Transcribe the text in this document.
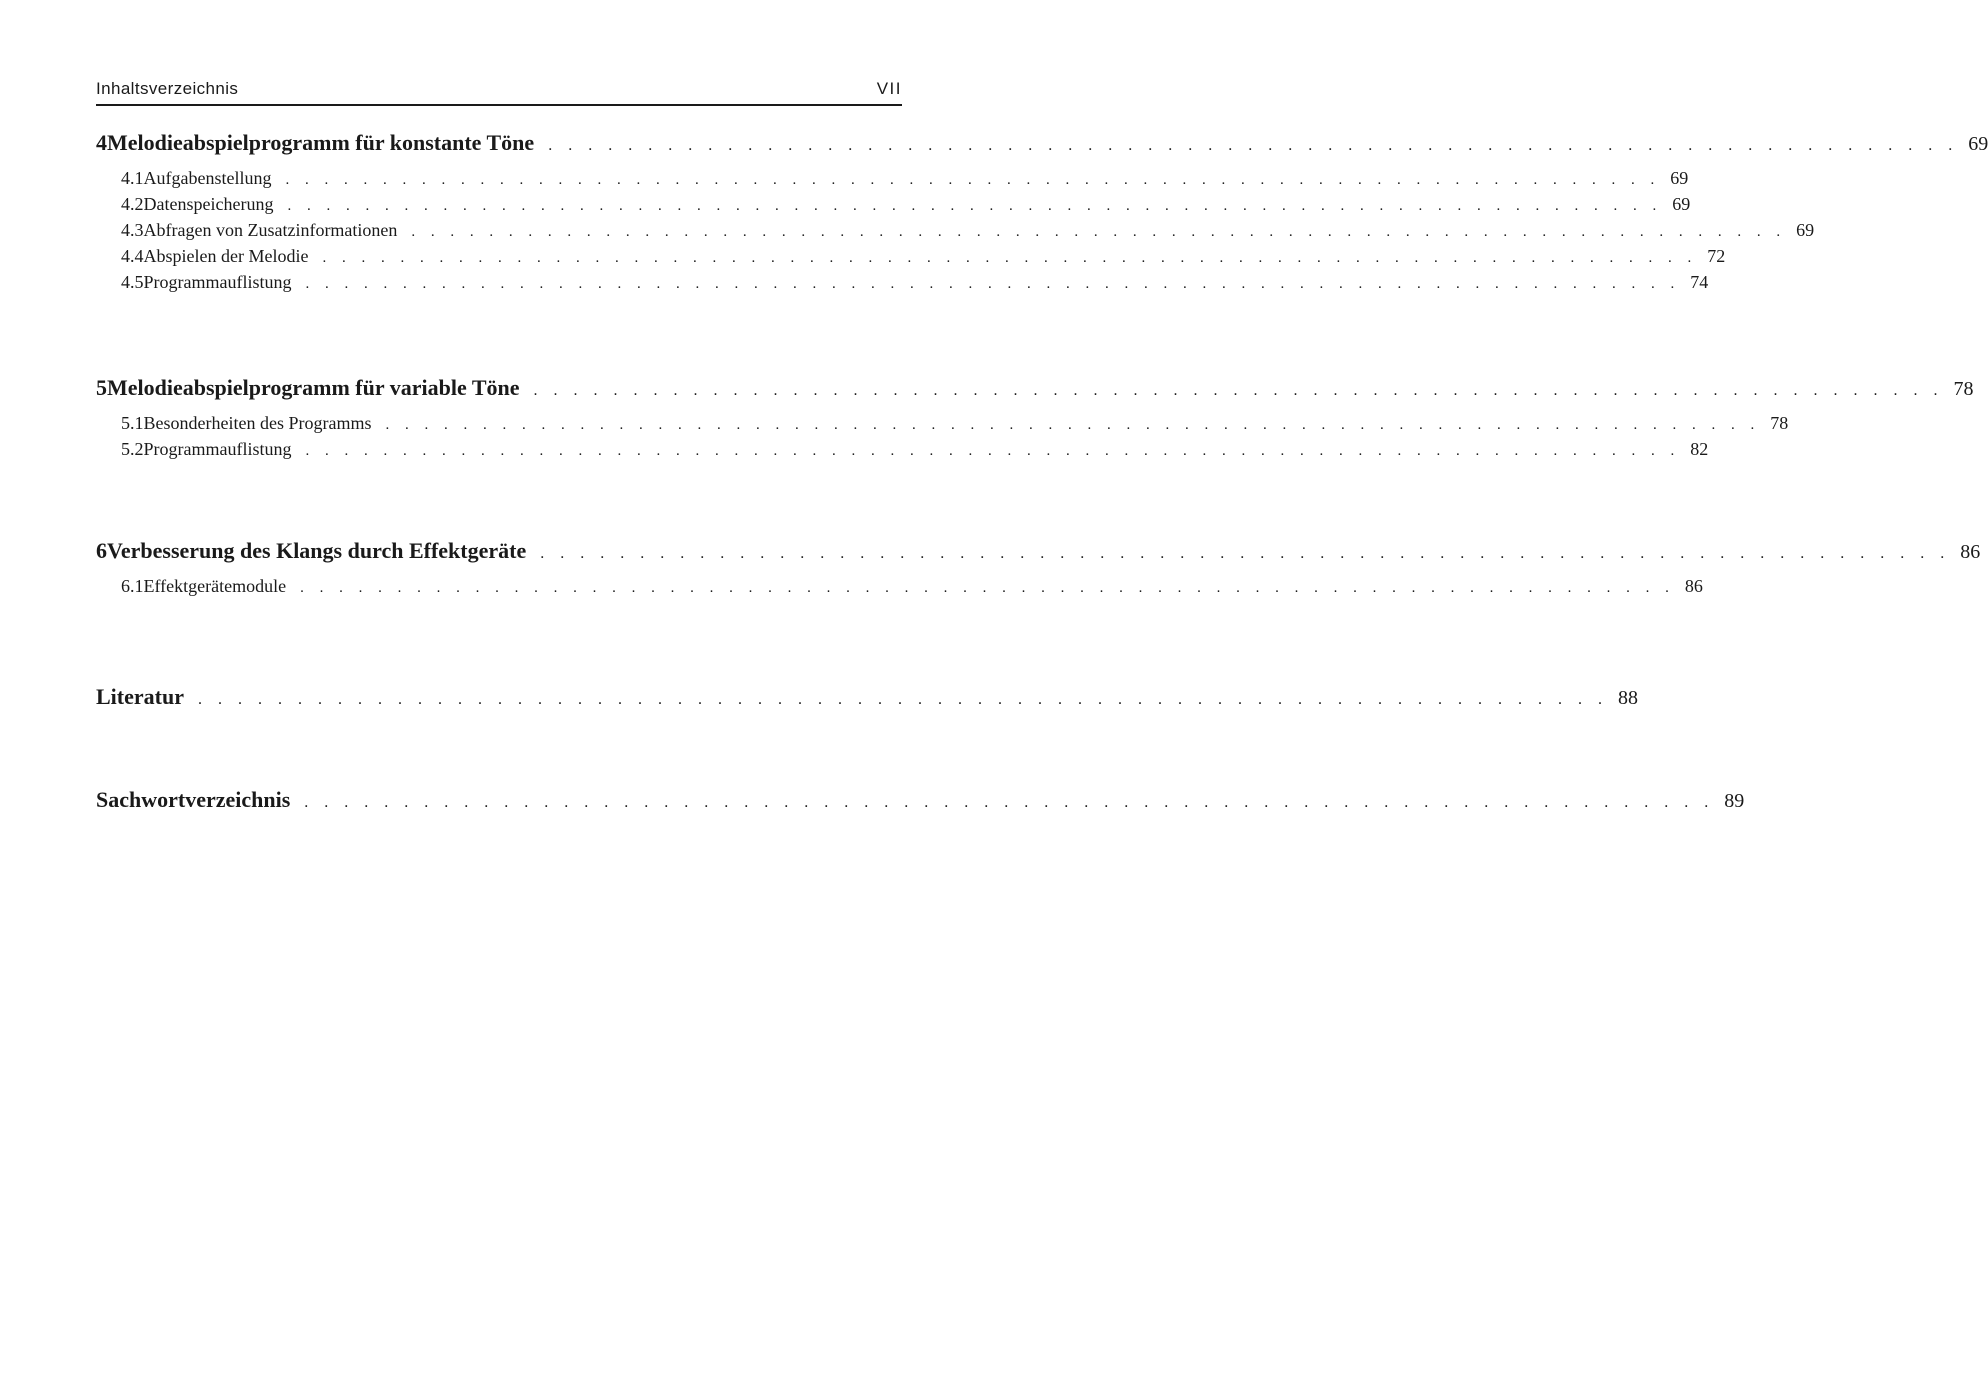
Inhaltsverzeichnis	VII
4 Melodieabspielprogramm für konstante Töne . . . . . . . . . . . . . . . . . . . . . . . . . . . . . . . . . . . . . . . . . . . . . . . . . . . . . . . . . . . . . . . . . . . . . . . 69
4.1 Aufgabenstellung . . . . . . . . . . . . . . . . . . . . . . . . . . . . . . . . . . . . . . . . . . . . . . . . . . . . . . . . . . . . . . . . . . . . . . . 69
4.2 Datenspeicherung . . . . . . . . . . . . . . . . . . . . . . . . . . . . . . . . . . . . . . . . . . . . . . . . . . . . . . . . . . . . . . . . . . . . . . . 69
4.3 Abfragen von Zusatzinformationen . . . . . . . . . . . . . . . . . . . . . . . . . . . . . . . . . . . . . . . . . . . . . . . . . . . . . . . . . . . . . . . . . . . . . . . 69
4.4 Abspielen der Melodie . . . . . . . . . . . . . . . . . . . . . . . . . . . . . . . . . . . . . . . . . . . . . . . . . . . . . . . . . . . . . . . . . . . . . . . 72
4.5 Programmauflistung . . . . . . . . . . . . . . . . . . . . . . . . . . . . . . . . . . . . . . . . . . . . . . . . . . . . . . . . . . . . . . . . . . . . . . . 74
5 Melodieabspielprogramm für variable Töne . . . . . . . . . . . . . . . . . . . . . . . . . . . . . . . . . . . . . . . . . . . . . . . . . . . . . . . . . . . . . . . . . . . . . . . 78
5.1 Besonderheiten des Programms . . . . . . . . . . . . . . . . . . . . . . . . . . . . . . . . . . . . . . . . . . . . . . . . . . . . . . . . . . . . . . . . . . . . . . . 78
5.2 Programmauflistung . . . . . . . . . . . . . . . . . . . . . . . . . . . . . . . . . . . . . . . . . . . . . . . . . . . . . . . . . . . . . . . . . . . . . . . 82
6 Verbesserung des Klangs durch Effektgeräte . . . . . . . . . . . . . . . . . . . . . . . . . . . . . . . . . . . . . . . . . . . . . . . . . . . . . . . . . . . . . . . . . . . . . . . 86
6.1 Effektgerätemodule . . . . . . . . . . . . . . . . . . . . . . . . . . . . . . . . . . . . . . . . . . . . . . . . . . . . . . . . . . . . . . . . . . . . . . . 86
Literatur . . . . . . . . . . . . . . . . . . . . . . . . . . . . . . . . . . . . . . . . . . . . . . . . . . . . . . . . . . . . . . . . . . . . . . . 88
Sachwortverzeichnis . . . . . . . . . . . . . . . . . . . . . . . . . . . . . . . . . . . . . . . . . . . . . . . . . . . . . . . . . . . . . . . . . . . . . . . 89
